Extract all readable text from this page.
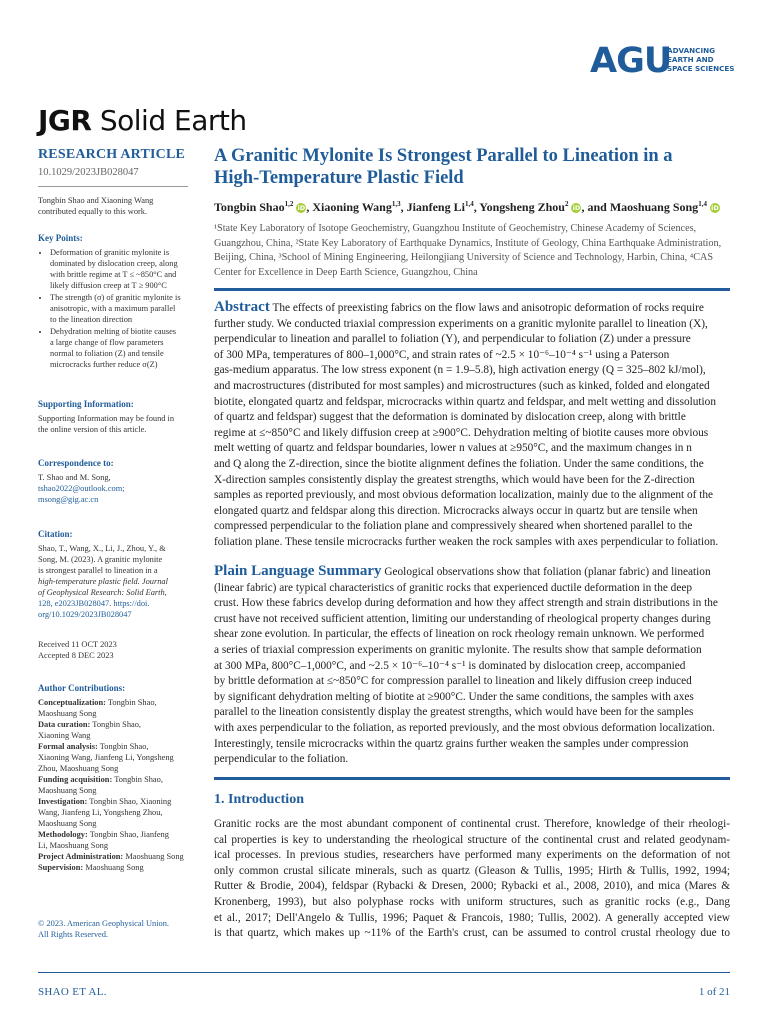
AGU
ADVANCING
EARTH AND
SPACE SCIENCES
JGR Solid Earth
RESEARCH ARTICLE
10.1029/2023JB028047
Tongbin Shao and Xiaoning Wang
contributed equally to this work.
Key Points:
• Deformation of granitic mylonite is
dominated by dislocation creep, along
with brittle regime at T ≤ ~850°C and
likely diffusion creep at T ≥ 900°C
• The strength (σ) of granitic mylonite is
anisotropic, with a maximum parallel
to the lineation direction
• Dehydration melting of biotite causes
a large change of flow parameters
normal to foliation (Z) and tensile
microcracks further reduce σ(Z)
Supporting Information:
Supporting Information may be found in
the online version of this article.
Correspondence to:
T. Shao and M. Song,
tshao2022@outlook.com;
msong@gig.ac.cn
Citation:
Shao, T., Wang, X., Li, J., Zhou, Y., &
Song, M. (2023). A granitic mylonite
is strongest parallel to lineation in a
high-temperature plastic field. Journal
of Geophysical Research: Solid Earth,
128, e2023JB028047. https://doi.
org/10.1029/2023JB028047
Received 11 OCT 2023
Accepted 8 DEC 2023
Author Contributions:
Conceptualization: Tongbin Shao,
Maoshuang Song
Data curation: Tongbin Shao,
Xiaoning Wang
Formal analysis: Tongbin Shao,
Xiaoning Wang, Jianfeng Li, Yongsheng
Zhou, Maoshuang Song
Funding acquisition: Tongbin Shao,
Maoshuang Song
Investigation: Tongbin Shao, Xiaoning
Wang, Jianfeng Li, Yongsheng Zhou,
Maoshuang Song
Methodology: Tongbin Shao, Jianfeng
Li, Maoshuang Song
Project Administration: Maoshuang Song
Supervision: Maoshuang Song
© 2023. American Geophysical Union.
All Rights Reserved.
A Granitic Mylonite Is Strongest Parallel to Lineation in a
High-Temperature Plastic Field
Tongbin Shao$^{1,2}$ iD, Xiaoning Wang$^{1,3}$, Jianfeng Li$^{1,4}$, Yongsheng Zhou$^2$ iD, and Maoshuang Song$^{1,4}$ iD
¹State Key Laboratory of Isotope Geochemistry, Guangzhou Institute of Geochemistry, Chinese Academy of Sciences,
Guangzhou, China, ²State Key Laboratory of Earthquake Dynamics, Institute of Geology, China Earthquake Administration,
Beijing, China, ³School of Mining Engineering, Heilongjiang University of Science and Technology, Harbin, China, ⁴CAS
Center for Excellence in Deep Earth Science, Guangzhou, China
Abstract The effects of preexisting fabrics on the flow laws and anisotropic deformation of rocks require
further study. We conducted triaxial compression experiments on a granitic mylonite parallel to lineation (X),
perpendicular to lineation and parallel to foliation (Y), and perpendicular to foliation (Z) under a pressure
of 300 MPa, temperatures of 800–1,000°C, and strain rates of ~2.5 × 10⁻⁶–10⁻⁴ s⁻¹ using a Paterson
gas-medium apparatus. The low stress exponent (n = 1.9–5.8), high activation energy (Q = 325–802 kJ/mol),
and macrostructures (distributed for most samples) and microstructures (such as kinked, folded and elongated
biotite, elongated quartz and feldspar, microcracks within quartz and feldspar, and melt wetting and dissolution
of quartz and feldspar) suggest that the deformation is dominated by dislocation creep, along with brittle
regime at ≤~850°C and likely diffusion creep at ≥900°C. Dehydration melting of biotite causes more obvious
melt wetting of quartz and feldspar boundaries, lower n values at ≥950°C, and the maximum changes in n
and Q along the Z-direction, since the biotite alignment defines the foliation. Under the same conditions, the
X-direction samples consistently display the greatest strengths, which would have been for the Z-direction
samples as reported previously, and most obvious deformation localization, mainly due to the alignment of the
elongated quartz and feldspar along this direction. Microcracks always occur in quartz but are tensile when
compressed perpendicular to the foliation plane and compressively sheared when shortened parallel to the
foliation plane. These tensile microcracks further weaken the rock samples with axes perpendicular to foliation.
Plain Language Summary Geological observations show that foliation (planar fabric) and lineation
(linear fabric) are typical characteristics of granitic rocks that experienced ductile deformation in the deep
crust. How these fabrics develop during deformation and how they affect strength and strain distributions in the
crust have not received sufficient attention, limiting our understanding of rheological property changes during
shear zone evolution. In particular, the effects of lineation on rock rheology remain unknown. We performed
a series of triaxial compression experiments on granitic mylonite. The results show that sample deformation
at 300 MPa, 800°C–1,000°C, and ~2.5 × 10⁻⁶–10⁻⁴ s⁻¹ is dominated by dislocation creep, accompanied
by brittle deformation at ≤~850°C for compression parallel to lineation and likely diffusion creep induced
by significant dehydration melting of biotite at ≥900°C. Under the same conditions, the samples with axes
parallel to the lineation consistently display the greatest strengths, which would have been for the samples
with axes perpendicular to the foliation, as reported previously, and the most obvious deformation localization.
Interestingly, tensile microcracks within the quartz grains further weaken the samples under compression
perpendicular to the foliation.
1. Introduction
Granitic rocks are the most abundant component of continental crust. Therefore, knowledge of their rheologi-
cal properties is key to understanding the rheological structure of the continental crust and related geodynam-
ical processes. In previous studies, researchers have performed many experiments on the deformation of not
only common crustal silicate minerals, such as quartz (Gleason & Tullis, 1995; Hirth & Tullis, 1992, 1994;
Rutter & Brodie, 2004), feldspar (Rybacki & Dresen, 2000; Rybacki et al., 2008, 2010), and mica (Mares &
Kronenberg, 1993), but also polyphase rocks with uniform structures, such as granitic rocks (e.g., Dang
et al., 2017; Dell'Angelo & Tullis, 1996; Paquet & Francois, 1980; Tullis, 2002). A generally accepted view
is that quartz, which makes up ~11% of the Earth's crust, can be assumed to control crustal rheology due to
SHAO ET AL.	1 of 21
